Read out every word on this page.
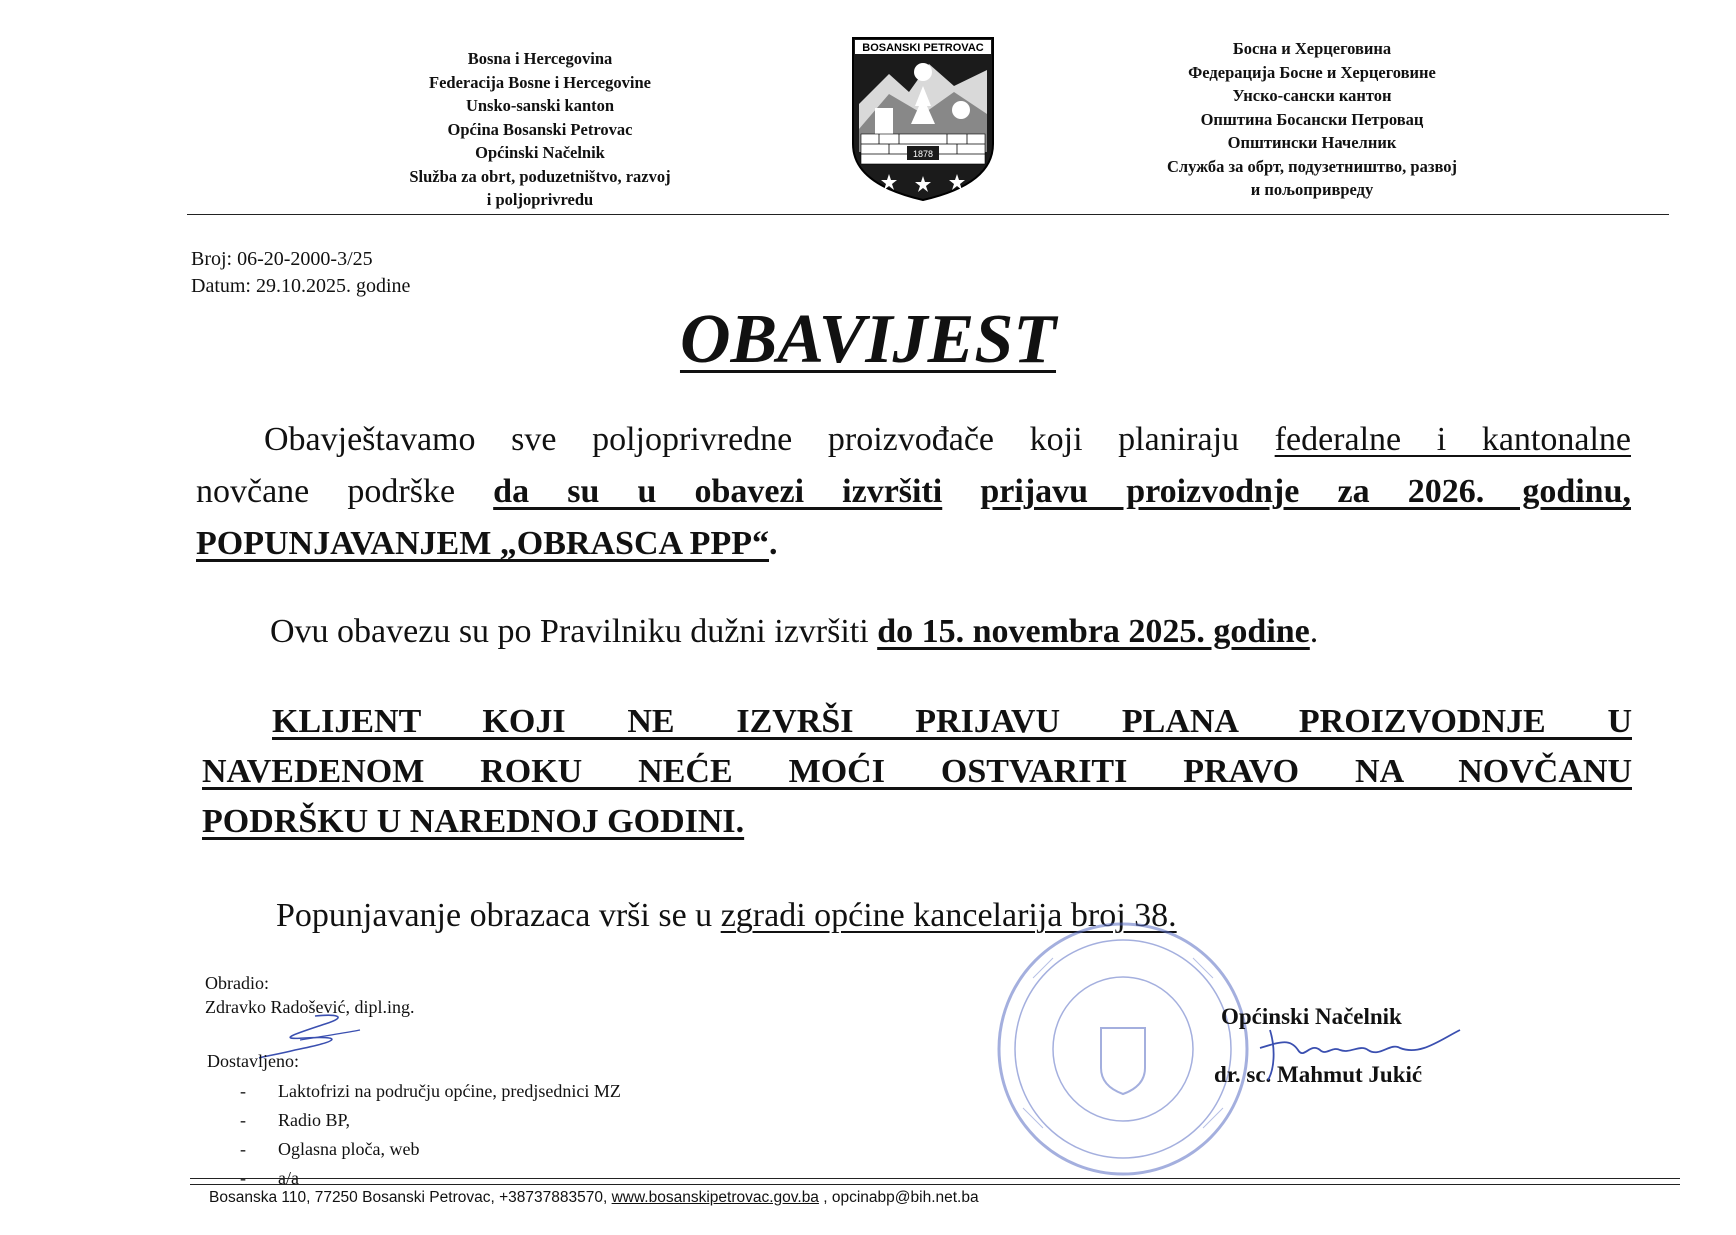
Bosna i Hercegovina
Federacija Bosne i Hercegovine
Unsko-sanski kanton
Općina Bosanski Petrovac
Općinski Načelnik
Služba za obrt, poduzetništvo, razvoj
i poljoprivredu
BOSANSKI PETROVAC
1878
Босна и Херцеговина
Федерација Босне и Херцеговине
Унско-сански кантон
Општина Босански Петровац
Општински Начелник
Служба за обрт, подузетништво, развој
и пољопривреду
Broj: 06-20-2000-3/25
Datum: 29.10.2025. godine
OBAVIJEST
Obavještavamo sve poljoprivredne proizvođače koji planiraju federalne i kantonalne
novčane podrške da su u obavezi izvršiti prijavu proizvodnje za 2026. godinu,
POPUNJAVANJEM „OBRASCA PPP“.
Ovu obavezu su po Pravilniku dužni izvršiti do 15. novembra 2025. godine.
KLIJENT KOJI NE IZVRŠI PRIJAVU PLANA PROIZVODNJE U
NAVEDENOM ROKU NEĆE MOĆI OSTVARITI PRAVO NA NOVČANU
PODRŠKU U NAREDNOJ GODINI.
Popunjavanje obrazaca vrši se u zgradi općine kancelarija broj 38.
Obradio:
Zdravko Radošević, dipl.ing.
Dostavljeno:
- Laktofrizi na području općine, predjsednici MZ
- Radio BP,
- Oglasna ploča, web
- a/a
Općinski Načelnik
dr. sc. Mahmut Jukić
Bosanska 110, 77250 Bosanski Petrovac, +38737883570, www.bosanskipetrovac.gov.ba , opcinabp@bih.net.ba
